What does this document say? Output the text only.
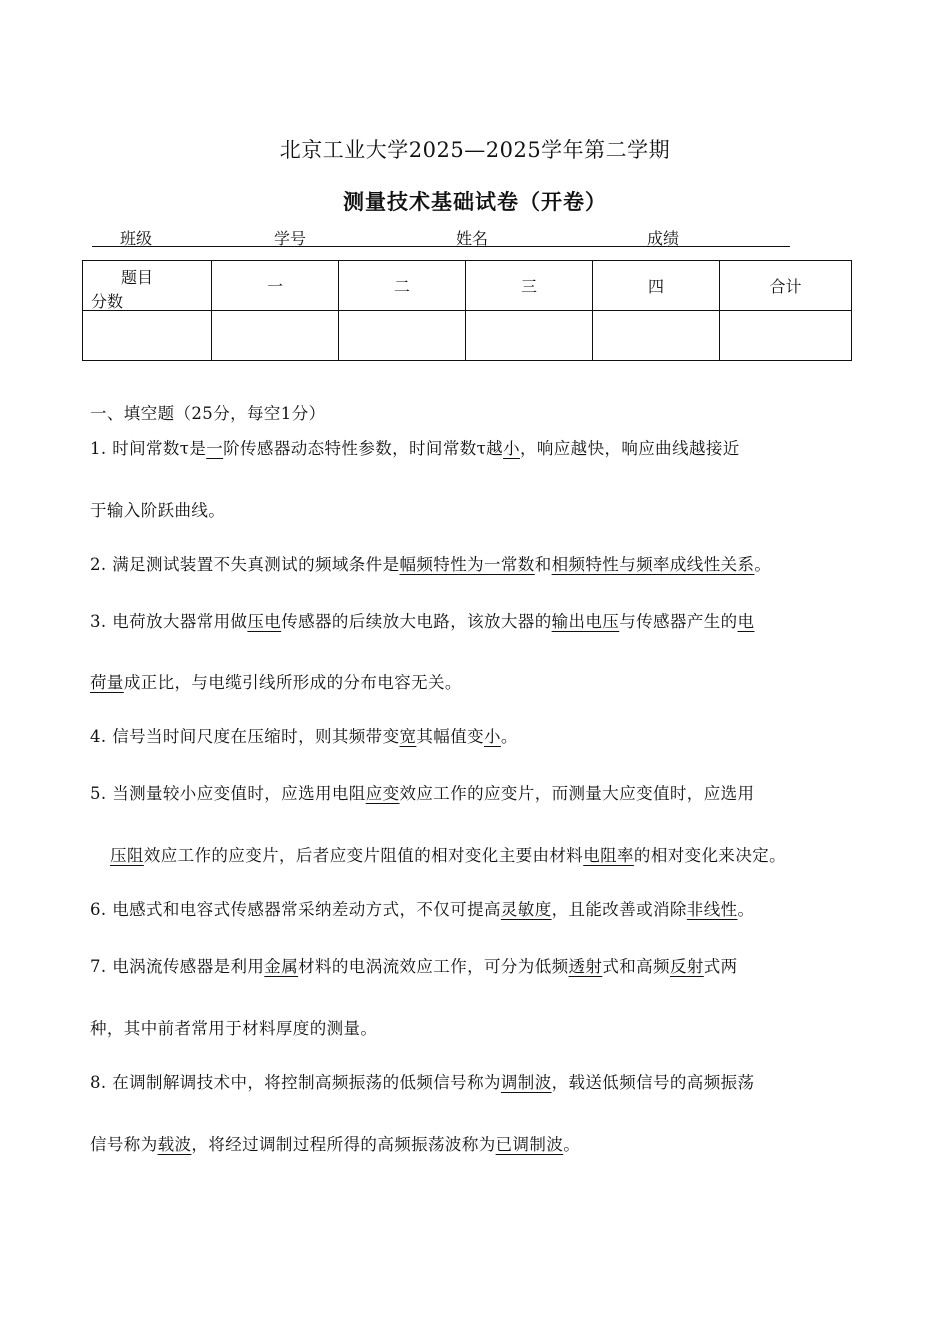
北京工业大学2025—2025学年第二学期
测量技术基础试卷（开卷）
班级	学号	姓名	成绩
题目
分数	一	二	三	四	合计

一、填空题（25分，每空1分）
1. 时间常数τ是一阶传感器动态特性参数，时间常数τ越小，响应越快，响应曲线越接近
于输入阶跃曲线。
2. 满足测试装置不失真测试的频域条件是幅频特性为一常数和相频特性与频率成线性关系。
3. 电荷放大器常用做压电传感器的后续放大电路，该放大器的输出电压与传感器产生的电
荷量成正比，与电缆引线所形成的分布电容无关。
4. 信号当时间尺度在压缩时，则其频带变宽其幅值变小。
5. 当测量较小应变值时，应选用电阻应变效应工作的应变片，而测量大应变值时，应选用
压阻效应工作的应变片，后者应变片阻值的相对变化主要由材料电阻率的相对变化来决定。
6. 电感式和电容式传感器常采纳差动方式，不仅可提高灵敏度，且能改善或消除非线性。
7. 电涡流传感器是利用金属材料的电涡流效应工作，可分为低频透射式和高频反射式两
种，其中前者常用于材料厚度的测量。
8. 在调制解调技术中，将控制高频振荡的低频信号称为调制波，载送低频信号的高频振荡
信号称为载波，将经过调制过程所得的高频振荡波称为已调制波。
